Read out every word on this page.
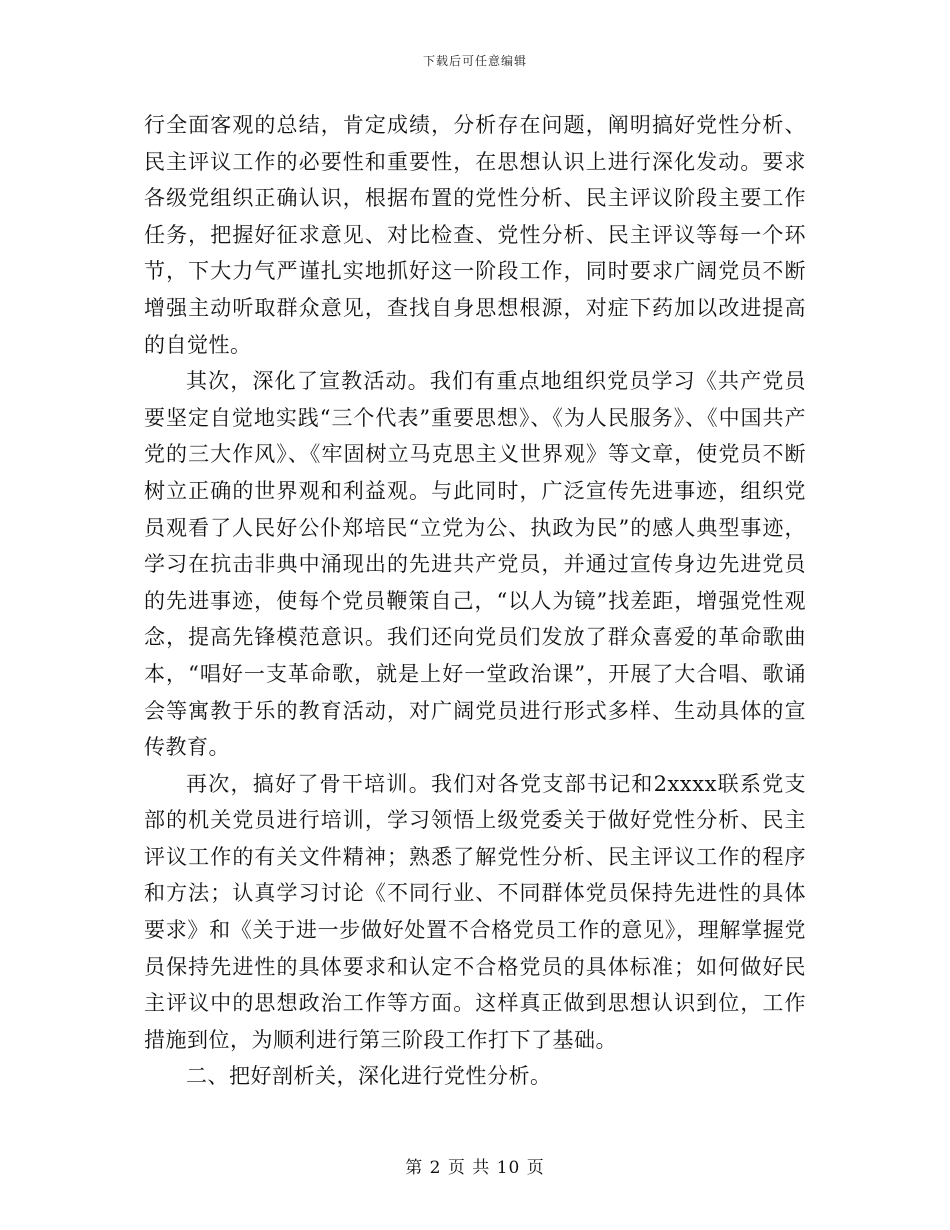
下载后可任意编辑

行全面客观的总结，肯定成绩，分析存在问题，阐明搞好党性分析、民主评议工作的必要性和重要性，在思想认识上进行深化发动。要求各级党组织正确认识，根据布置的党性分析、民主评议阶段主要工作任务，把握好征求意见、对比检查、党性分析、民主评议等每一个环节，下大力气严谨扎实地抓好这一阶段工作，同时要求广阔党员不断增强主动听取群众意见，查找自身思想根源，对症下药加以改进提高的自觉性。

其次，深化了宣教活动。我们有重点地组织党员学习《共产党员要坚定自觉地实践“三个代表”重要思想》、《为人民服务》、《中国共产党的三大作风》、《牢固树立马克思主义世界观》等文章，使党员不断树立正确的世界观和利益观。与此同时，广泛宣传先进事迹，组织党员观看了人民好公仆郑培民“立党为公、执政为民”的感人典型事迹，学习在抗击非典中涌现出的先进共产党员，并通过宣传身边先进党员的先进事迹，使每个党员鞭策自己，“以人为镜”找差距，增强党性观念，提高先锋模范意识。我们还向党员们发放了群众喜爱的革命歌曲本，“唱好一支革命歌，就是上好一堂政治课”，开展了大合唱、歌诵会等寓教于乐的教育活动，对广阔党员进行形式多样、生动具体的宣传教育。

再次，搞好了骨干培训。我们对各党支部书记和2xxxx联系党支部的机关党员进行培训，学习领悟上级党委关于做好党性分析、民主评议工作的有关文件精神；熟悉了解党性分析、民主评议工作的程序和方法；认真学习讨论《不同行业、不同群体党员保持先进性的具体要求》和《关于进一步做好处置不合格党员工作的意见》，理解掌握党员保持先进性的具体要求和认定不合格党员的具体标准；如何做好民主评议中的思想政治工作等方面。这样真正做到思想认识到位，工作措施到位，为顺利进行第三阶段工作打下了基础。

二、把好剖析关，深化进行党性分析。

第 2 页 共 10 页
